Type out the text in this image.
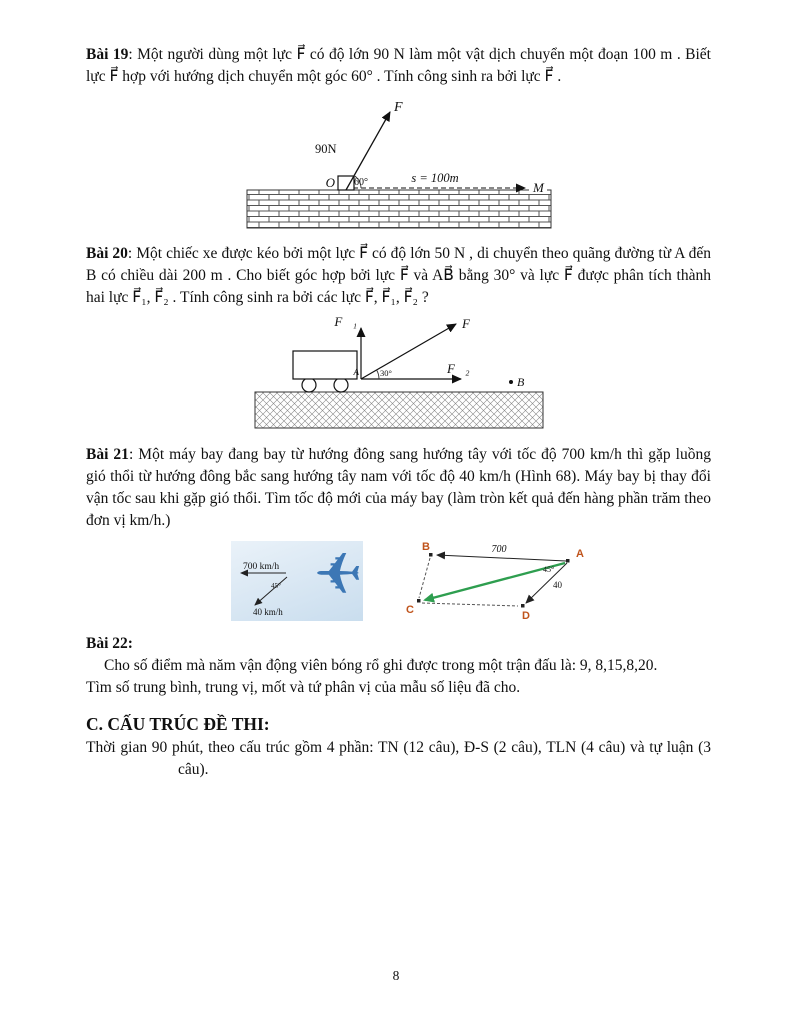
Bài 19: Một người dùng một lực F⃗ có độ lớn 90 N làm một vật dịch chuyển một đoạn 100 m . Biết lực F⃗ hợp với hướng dịch chuyển một góc 60° . Tính công sinh ra bởi lực F⃗ .

s = 100m
M
F⃗
90N
60°
O

Bài 20: Một chiếc xe được kéo bởi một lực F⃗ có độ lớn 50 N , di chuyển theo quãng đường từ A đến B có chiều dài 200 m . Cho biết góc hợp bởi lực F⃗ và AB⃗ bằng 30° và lực F⃗ được phân tích thành hai lực F⃗₁, F⃗₂ . Tính công sinh ra bởi các lực F⃗, F⃗₁, F⃗₂ ?

F⃗₁	F⃗
F⃗₂
30°
A
B

Bài 21: Một máy bay đang bay từ hướng đông sang hướng tây với tốc độ 700 km/h thì gặp luồng gió thổi từ hướng đông bắc sang hướng tây nam với tốc độ 40 km/h (Hình 68). Máy bay bị thay đổi vận tốc sau khi gặp gió thổi. Tìm tốc độ mới của máy bay (làm tròn kết quả đến hàng phần trăm theo đơn vị km/h.)

✈
700 km/h
45°
40 km/h
700
40
45°
B
A
C	D

Bài 22:

Cho số điểm mà năm vận động viên bóng rổ ghi được trong một trận đấu là: 9, 8,15,8,20.

Tìm số trung bình, trung vị, mốt và tứ phân vị của mẫu số liệu đã cho.

C. CẤU TRÚC ĐỀ THI:

Thời gian 90 phút, theo cấu trúc gồm 4 phần: TN (12 câu), Đ-S (2 câu), TLN (4 câu) và tự luận (3 câu).

8
